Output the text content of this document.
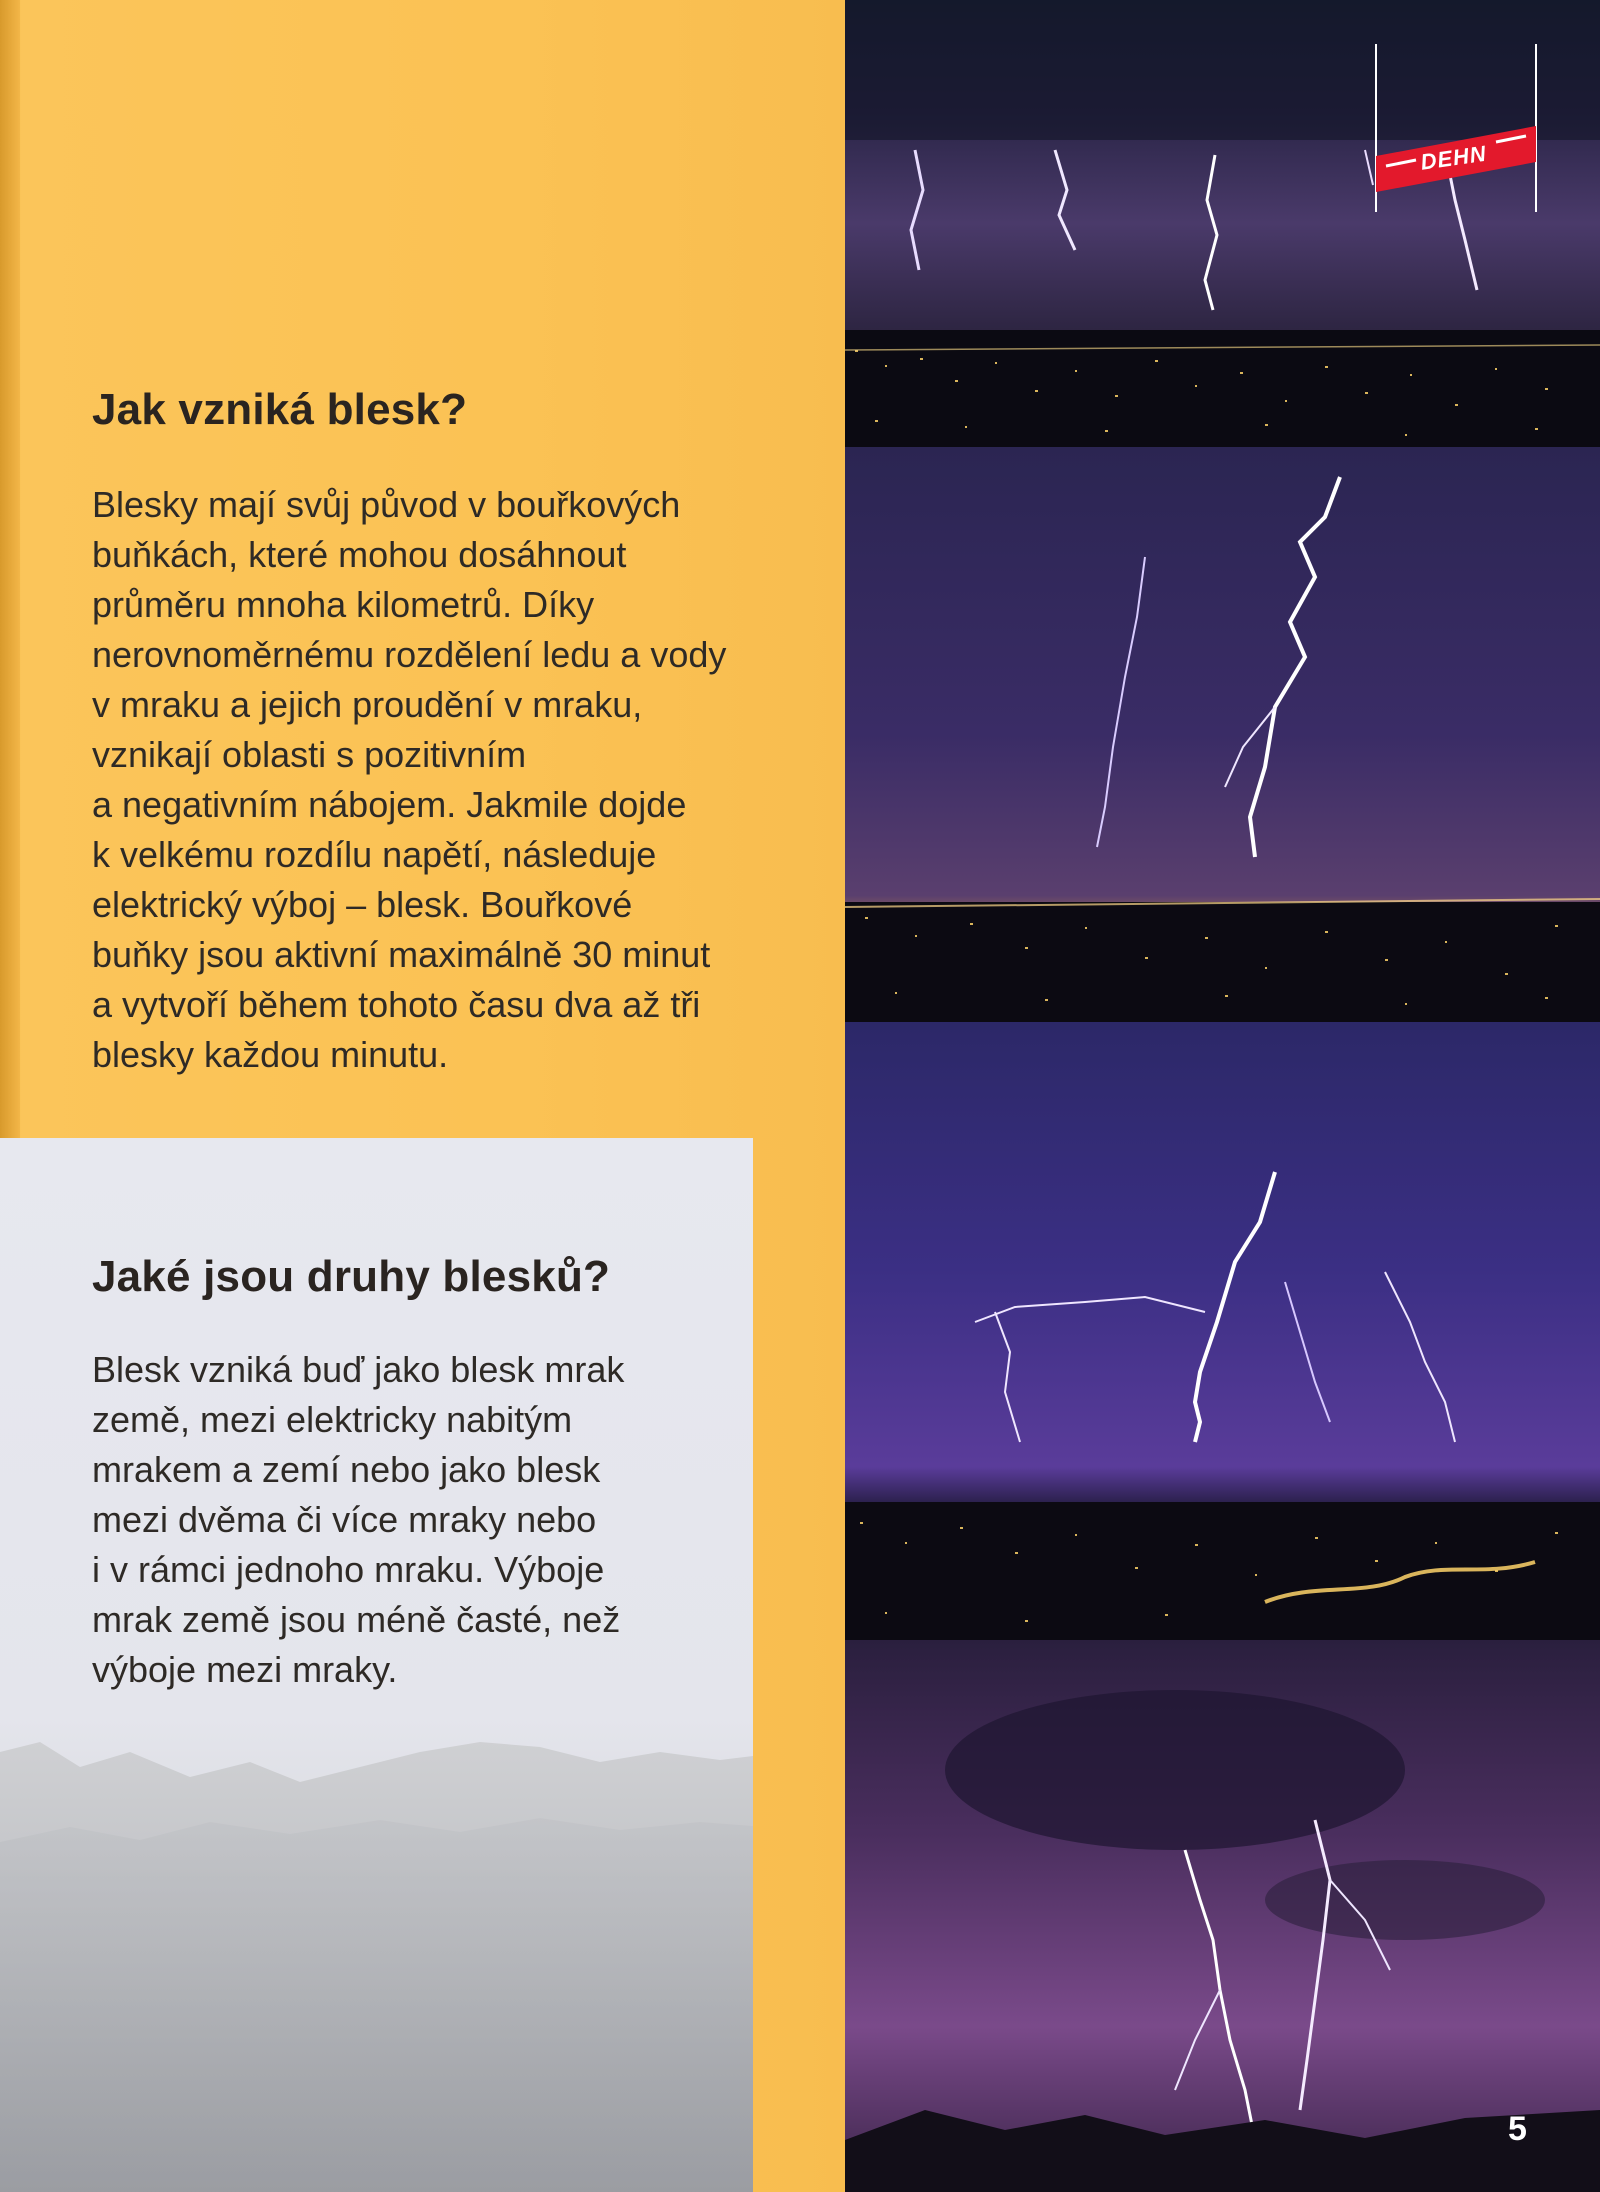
Jak vzniká blesk?

Blesky mají svůj původ v bouřkových
buňkách, které mohou dosáhnout
průměru mnoha kilometrů. Díky
nerovnoměrnému rozdělení ledu a vody
v mraku a jejich proudění v mraku,
vznikají oblasti s pozitivním
a negativním nábojem. Jakmile dojde
k velkému rozdílu napětí, následuje
elektrický výboj – blesk. Bouřkové
buňky jsou aktivní maximálně 30 minut
a vytvoří během tohoto času dva až tři
blesky každou minutu.

Jaké jsou druhy blesků?

Blesk vzniká buď jako blesk mrak
země, mezi elektricky nabitým
mrakem a zemí nebo jako blesk
mezi dvěma či více mraky nebo
i v rámci jednoho mraku. Výboje
mrak země jsou méně časté, než
výboje mezi mraky.

DEHN
5
